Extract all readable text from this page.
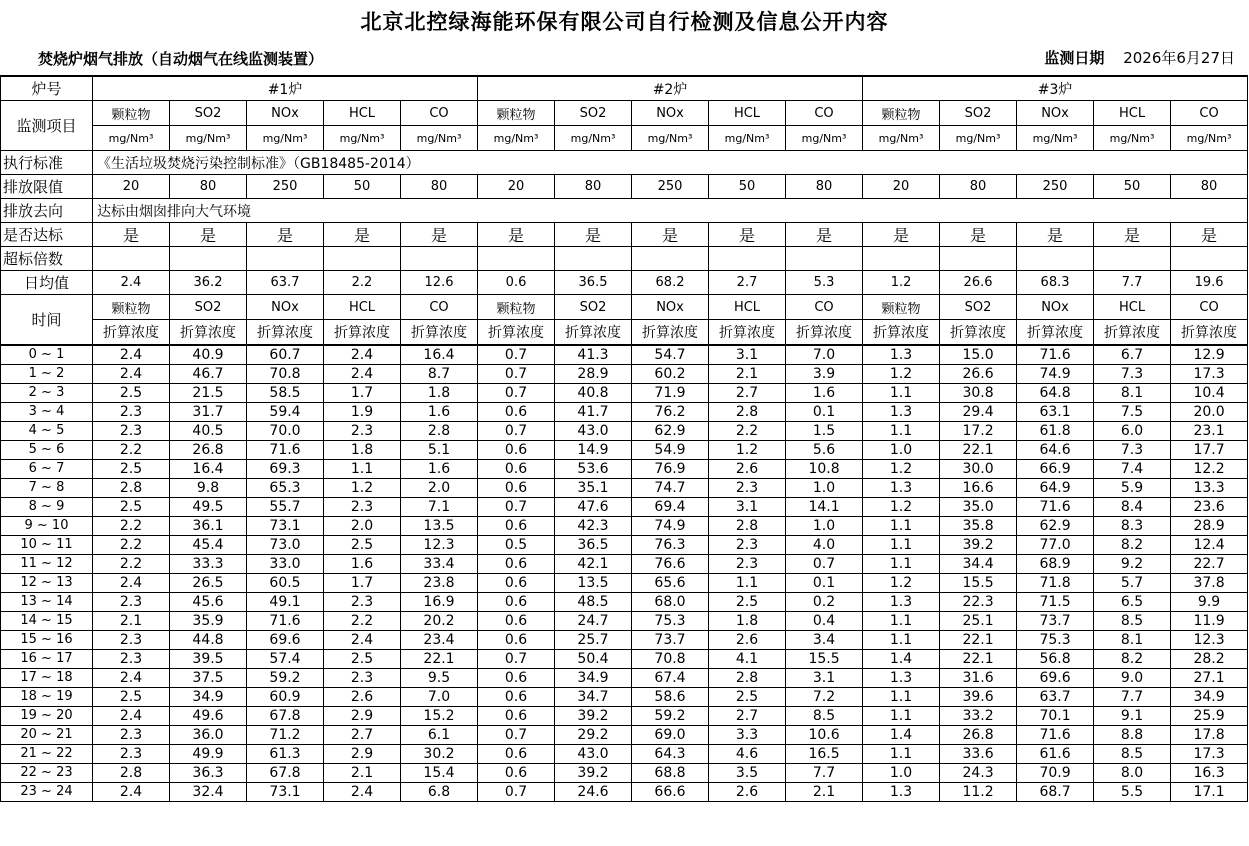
北京北控绿海能环保有限公司自行检测及信息公开内容
焚烧炉烟气排放（自动烟气在线监测装置）	监测日期 2026年6月27日
炉号	#1炉					#2炉					#3炉				
监测项目	颗粒物	SO2	NOx	HCL	CO	颗粒物	SO2	NOx	HCL	CO	颗粒物	SO2	NOx	HCL	CO
	mg/Nm³	mg/Nm³	mg/Nm³	mg/Nm³	mg/Nm³	mg/Nm³	mg/Nm³	mg/Nm³	mg/Nm³	mg/Nm³	mg/Nm³	mg/Nm³	mg/Nm³	mg/Nm³	mg/Nm³
执行标准	《生活垃圾焚烧污染控制标准》（GB18485-2014）														
排放限值	20	80	250	50	80	20	80	250	50	80	20	80	250	50	80
排放去向	达标由烟囱排向大气环境														
是否达标	是	是	是	是	是	是	是	是	是	是	是	是	是	是	是
超标倍数															
日均值	2.4	36.2	63.7	2.2	12.6	0.6	36.5	68.2	2.7	5.3	1.2	26.6	68.3	7.7	19.6
时间	颗粒物	SO2	NOx	HCL	CO	颗粒物	SO2	NOx	HCL	CO	颗粒物	SO2	NOx	HCL	CO
	折算浓度	折算浓度	折算浓度	折算浓度	折算浓度	折算浓度	折算浓度	折算浓度	折算浓度	折算浓度	折算浓度	折算浓度	折算浓度	折算浓度	折算浓度
0 ~ 1	2.4	40.9	60.7	2.4	16.4	0.7	41.3	54.7	3.1	7.0	1.3	15.0	71.6	6.7	12.9
1 ~ 2	2.4	46.7	70.8	2.4	8.7	0.7	28.9	60.2	2.1	3.9	1.2	26.6	74.9	7.3	17.3
2 ~ 3	2.5	21.5	58.5	1.7	1.8	0.7	40.8	71.9	2.7	1.6	1.1	30.8	64.8	8.1	10.4
3 ~ 4	2.3	31.7	59.4	1.9	1.6	0.6	41.7	76.2	2.8	0.1	1.3	29.4	63.1	7.5	20.0
4 ~ 5	2.3	40.5	70.0	2.3	2.8	0.7	43.0	62.9	2.2	1.5	1.1	17.2	61.8	6.0	23.1
5 ~ 6	2.2	26.8	71.6	1.8	5.1	0.6	14.9	54.9	1.2	5.6	1.0	22.1	64.6	7.3	17.7
6 ~ 7	2.5	16.4	69.3	1.1	1.6	0.6	53.6	76.9	2.6	10.8	1.2	30.0	66.9	7.4	12.2
7 ~ 8	2.8	9.8	65.3	1.2	2.0	0.6	35.1	74.7	2.3	1.0	1.3	16.6	64.9	5.9	13.3
8 ~ 9	2.5	49.5	55.7	2.3	7.1	0.7	47.6	69.4	3.1	14.1	1.2	35.0	71.6	8.4	23.6
9 ~ 10	2.2	36.1	73.1	2.0	13.5	0.6	42.3	74.9	2.8	1.0	1.1	35.8	62.9	8.3	28.9
10 ~ 11	2.2	45.4	73.0	2.5	12.3	0.5	36.5	76.3	2.3	4.0	1.1	39.2	77.0	8.2	12.4
11 ~ 12	2.2	33.3	33.0	1.6	33.4	0.6	42.1	76.6	2.3	0.7	1.1	34.4	68.9	9.2	22.7
12 ~ 13	2.4	26.5	60.5	1.7	23.8	0.6	13.5	65.6	1.1	0.1	1.2	15.5	71.8	5.7	37.8
13 ~ 14	2.3	45.6	49.1	2.3	16.9	0.6	48.5	68.0	2.5	0.2	1.3	22.3	71.5	6.5	9.9
14 ~ 15	2.1	35.9	71.6	2.2	20.2	0.6	24.7	75.3	1.8	0.4	1.1	25.1	73.7	8.5	11.9
15 ~ 16	2.3	44.8	69.6	2.4	23.4	0.6	25.7	73.7	2.6	3.4	1.1	22.1	75.3	8.1	12.3
16 ~ 17	2.3	39.5	57.4	2.5	22.1	0.7	50.4	70.8	4.1	15.5	1.4	22.1	56.8	8.2	28.2
17 ~ 18	2.4	37.5	59.2	2.3	9.5	0.6	34.9	67.4	2.8	3.1	1.3	31.6	69.6	9.0	27.1
18 ~ 19	2.5	34.9	60.9	2.6	7.0	0.6	34.7	58.6	2.5	7.2	1.1	39.6	63.7	7.7	34.9
19 ~ 20	2.4	49.6	67.8	2.9	15.2	0.6	39.2	59.2	2.7	8.5	1.1	33.2	70.1	9.1	25.9
20 ~ 21	2.3	36.0	71.2	2.7	6.1	0.7	29.2	69.0	3.3	10.6	1.4	26.8	71.6	8.8	17.8
21 ~ 22	2.3	49.9	61.3	2.9	30.2	0.6	43.0	64.3	4.6	16.5	1.1	33.6	61.6	8.5	17.3
22 ~ 23	2.8	36.3	67.8	2.1	15.4	0.6	39.2	68.8	3.5	7.7	1.0	24.3	70.9	8.0	16.3
23 ~ 24	2.4	32.4	73.1	2.4	6.8	0.7	24.6	66.6	2.6	2.1	1.3	11.2	68.7	5.5	17.1
